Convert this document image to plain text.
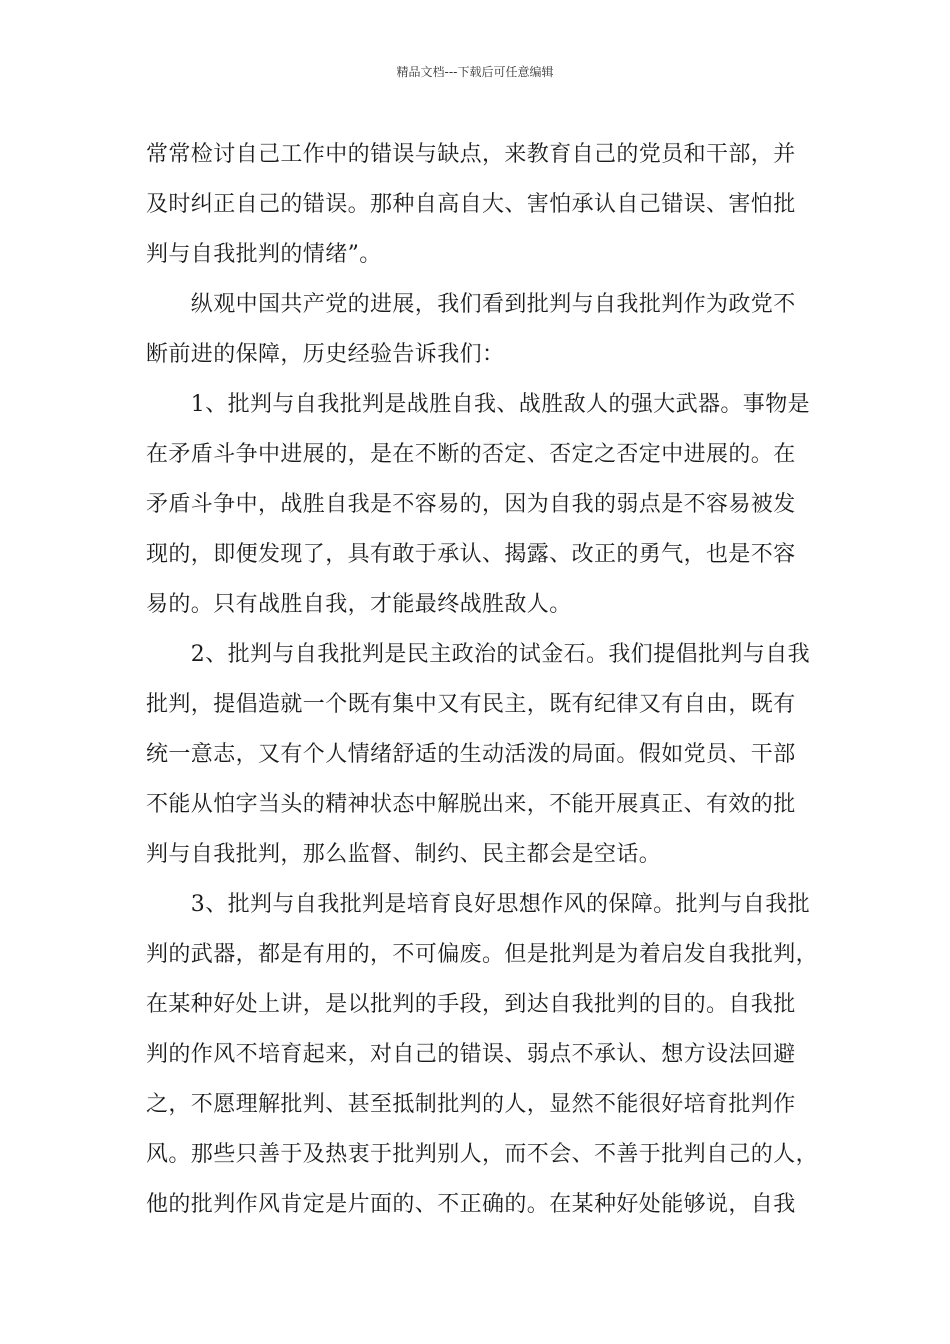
精品文档---下载后可任意编辑
常常检讨自己工作中的错误与缺点，来教育自己的党员和干部，并
及时纠正自己的错误。那种自高自大、害怕承认自己错误、害怕批
判与自我批判的情绪”。
　　纵观中国共产党的进展，我们看到批判与自我批判作为政党不
断前进的保障，历史经验告诉我们：
　　1、批判与自我批判是战胜自我、战胜敌人的强大武器。事物是
在矛盾斗争中进展的，是在不断的否定、否定之否定中进展的。在
矛盾斗争中，战胜自我是不容易的，因为自我的弱点是不容易被发
现的，即便发现了，具有敢于承认、揭露、改正的勇气，也是不容
易的。只有战胜自我，才能最终战胜敌人。
　　2、批判与自我批判是民主政治的试金石。我们提倡批判与自我
批判，提倡造就一个既有集中又有民主，既有纪律又有自由，既有
统一意志，又有个人情绪舒适的生动活泼的局面。假如党员、干部
不能从怕字当头的精神状态中解脱出来，不能开展真正、有效的批
判与自我批判，那么监督、制约、民主都会是空话。
　　3、批判与自我批判是培育良好思想作风的保障。批判与自我批
判的武器，都是有用的，不可偏废。但是批判是为着启发自我批判，
在某种好处上讲，是以批判的手段，到达自我批判的目的。自我批
判的作风不培育起来，对自己的错误、弱点不承认、想方设法回避
之，不愿理解批判、甚至抵制批判的人，显然不能很好培育批判作
风。那些只善于及热衷于批判别人，而不会、不善于批判自己的人，
他的批判作风肯定是片面的、不正确的。在某种好处能够说，自我
